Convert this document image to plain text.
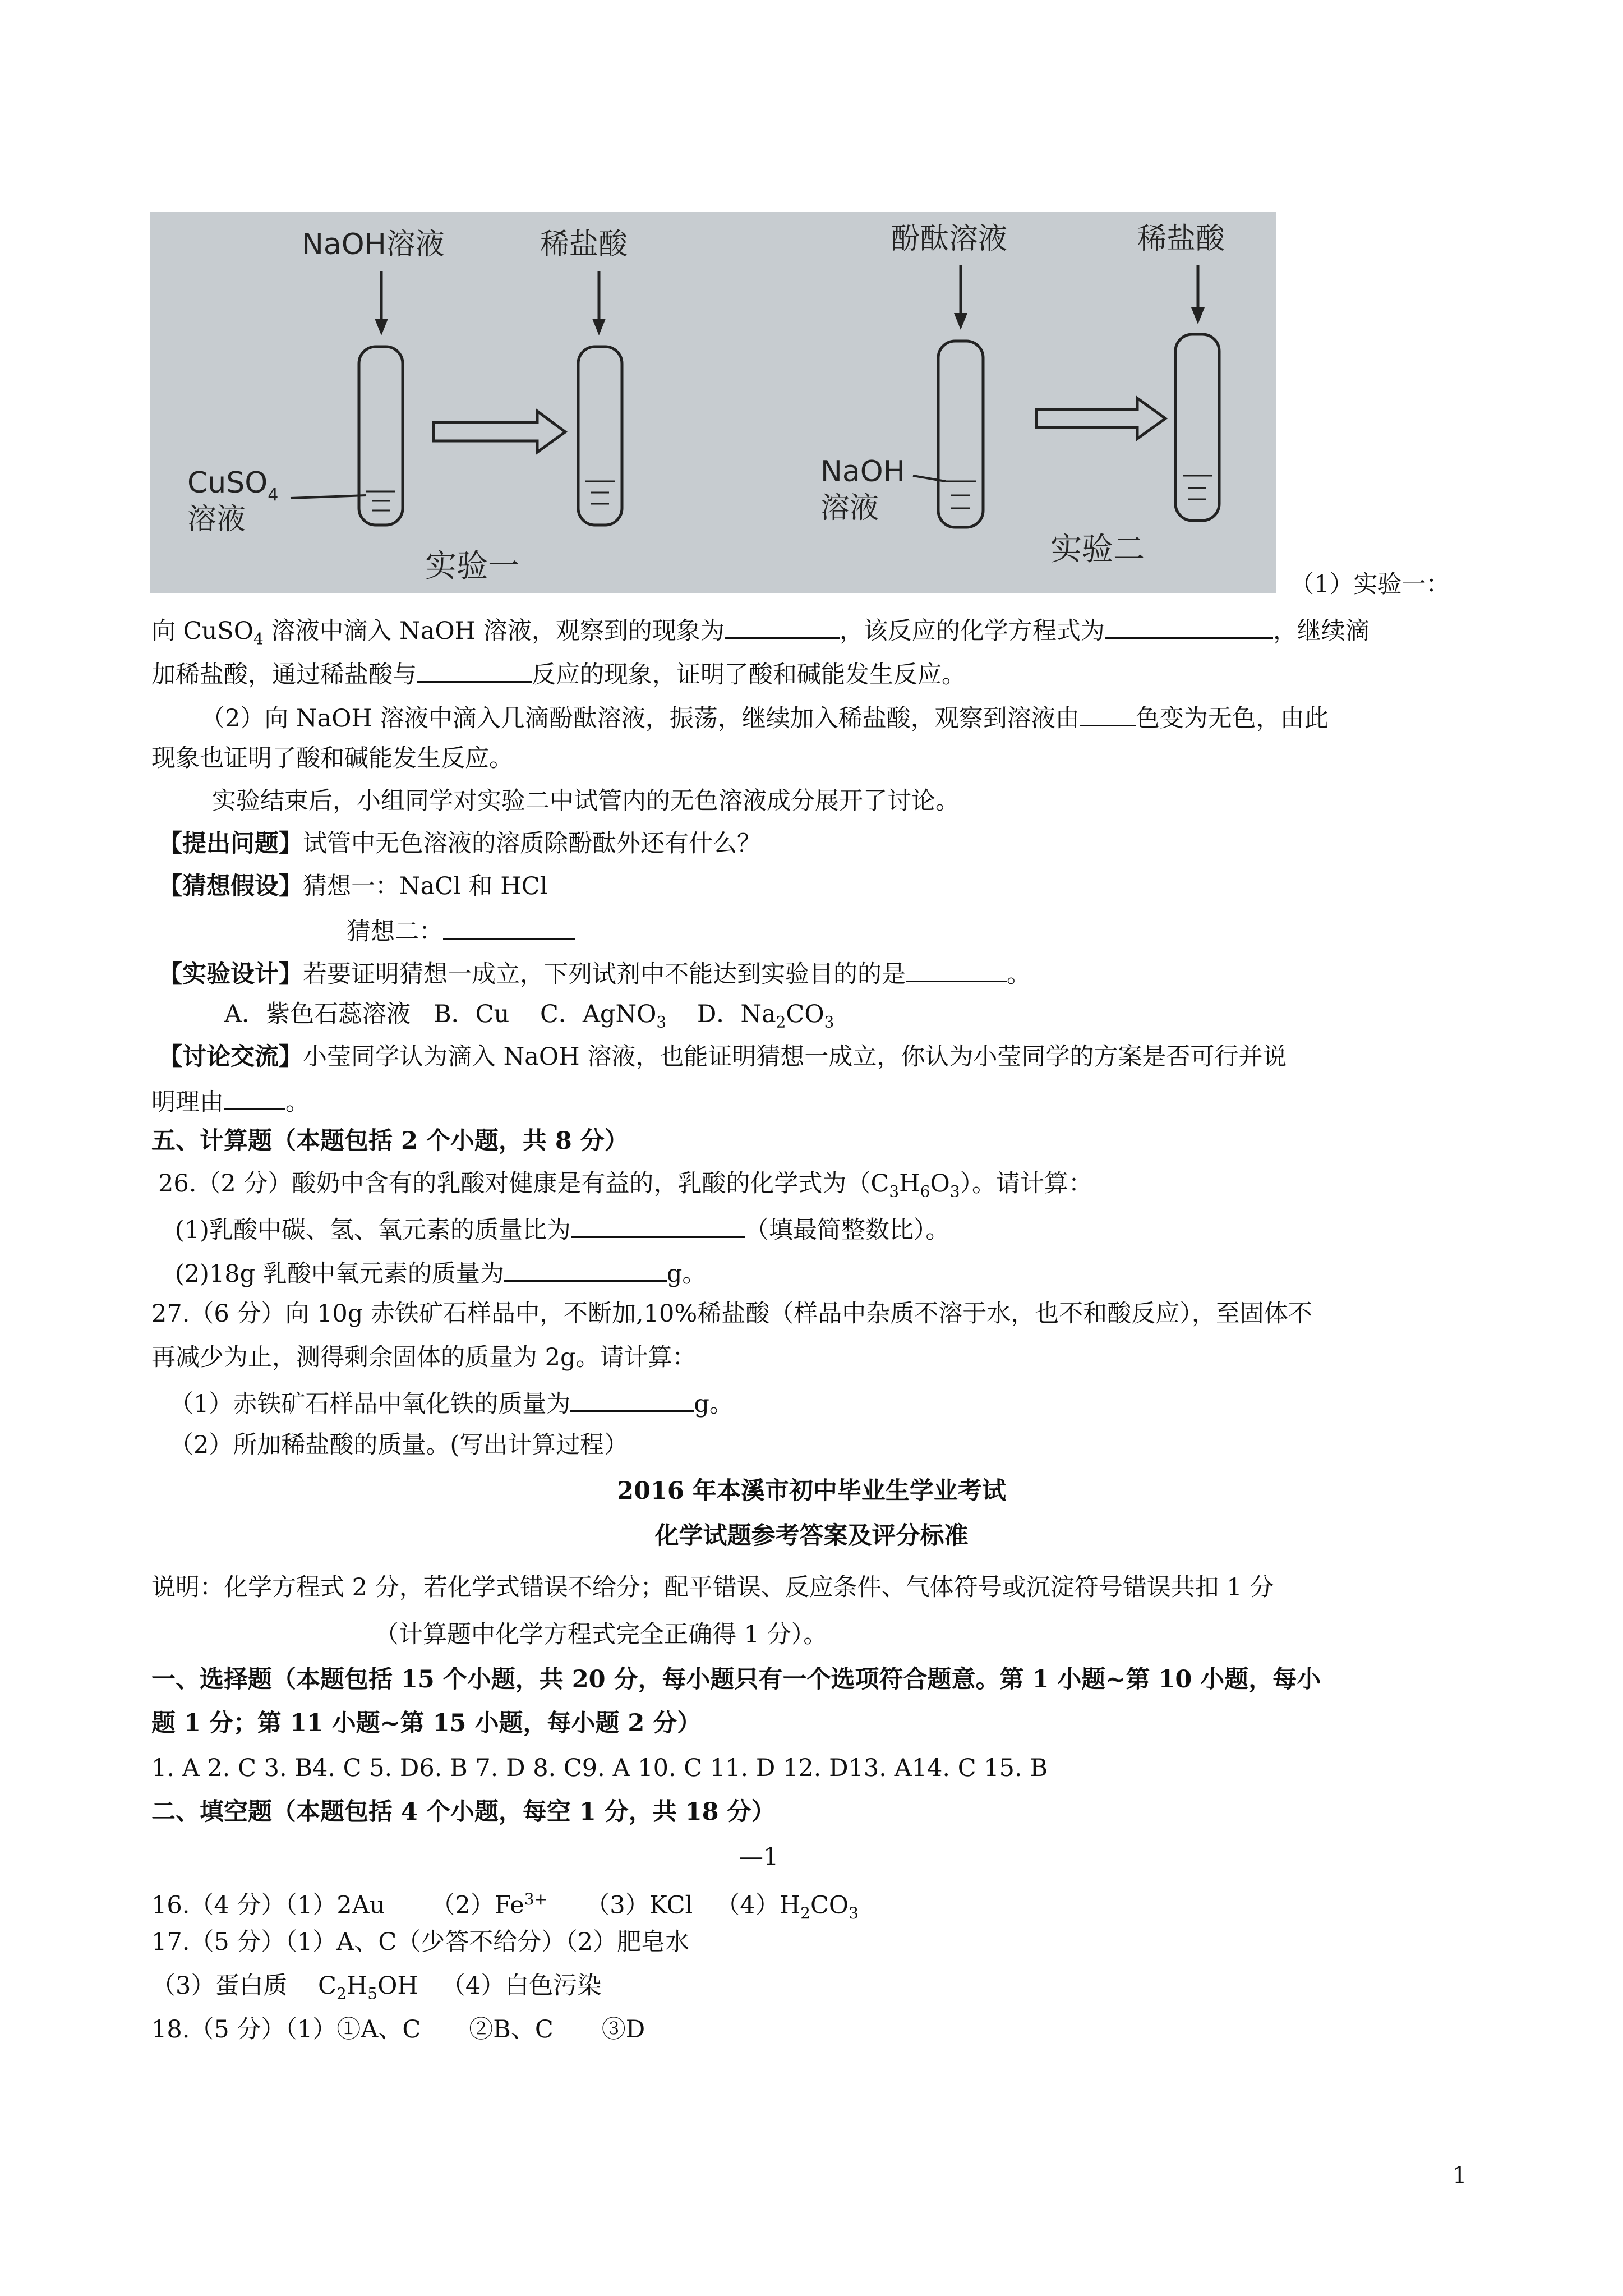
NaOH溶液
CuSO$_4$
溶液
稀盐酸
实验一
酚酞溶液
NaOH
溶液
稀盐酸
实验二
（1）实验一：
向 CuSO$_4$ 溶液中滴入 NaOH 溶液，观察到的现象为	，该反应的化学方程式为	，继续滴
加稀盐酸，通过稀盐酸与	反应的现象，证明了酸和碱能发生反应。
（2）向 NaOH 溶液中滴入几滴酚酞溶液，振荡，继续加入稀盐酸，观察到溶液由 色变为无色，由此
现象也证明了酸和碱能发生反应。
实验结束后，小组同学对实验二中试管内的无色溶液成分展开了讨论。
【提出问题】试管中无色溶液的溶质除酚酞外还有什么？
【猜想假设】猜想一：NaCl 和 HCl
猜想二：
【实验设计】若要证明猜想一成立，下列试剂中不能达到实验目的的是	。
A．紫色石蕊溶液 B．Cu C．AgNO$_3$ D．$Na_2CO_3$
【讨论交流】小莹同学认为滴入 NaOH 溶液，也能证明猜想一成立，你认为小莹同学的方案是否可行并说
明理由	。
五、计算题（本题包括 2 个小题，共 8 分）
26.（2 分）酸奶中含有的乳酸对健康是有益的，乳酸的化学式为$(C_3H_6O_3)$。请计算：
(1)乳酸中碳、氢、氧元素的质量比为	（填最简整数比）。
(2)18g 乳酸中氧元素的质量为	g。
27.（6 分）向 10g 赤铁矿石样品中，不断加,10%稀盐酸（样品中杂质不溶于水，也不和酸反应），至固体不
再减少为止，测得剩余固体的质量为 2g。请计算：
（1）赤铁矿石样品中氧化铁的质量为	g。
（2）所加稀盐酸的质量。(写出计算过程）
2016 年本溪市初中毕业生学业考试
化学试题参考答案及评分标准
说明：化学方程式 2 分，若化学式错误不给分；配平错误、反应条件、气体符号或沉淀符号错误共扣 1 分
（计算题中化学方程式完全正确得 1 分）。
一、选择题（本题包括 15 个小题，共 20 分，每小题只有一个选项符合题意。第 1 小题~第 10 小题，每小
题 1 分；第 11 小题~第 15 小题，每小题 2 分）
1. A 2. C 3. B4. C 5. D6. B 7. D 8. C9. A 10. C 11. D 12. D13. A14. C 15. B
二、填空题（本题包括 4 个小题，每空 1 分，共 18 分）
—1
16.（4 分）（1）2Au $(2)Fe^{3+}$ （3）KCl $(4)H_2CO_3$
17.（5 分）（1）A、C（少答不给分）（2）肥皂水
（3）蛋白质 $C_2H_5OH$ （4）白色污染
18.（5 分）（1）①A、C　　②B、C　　③D
1
